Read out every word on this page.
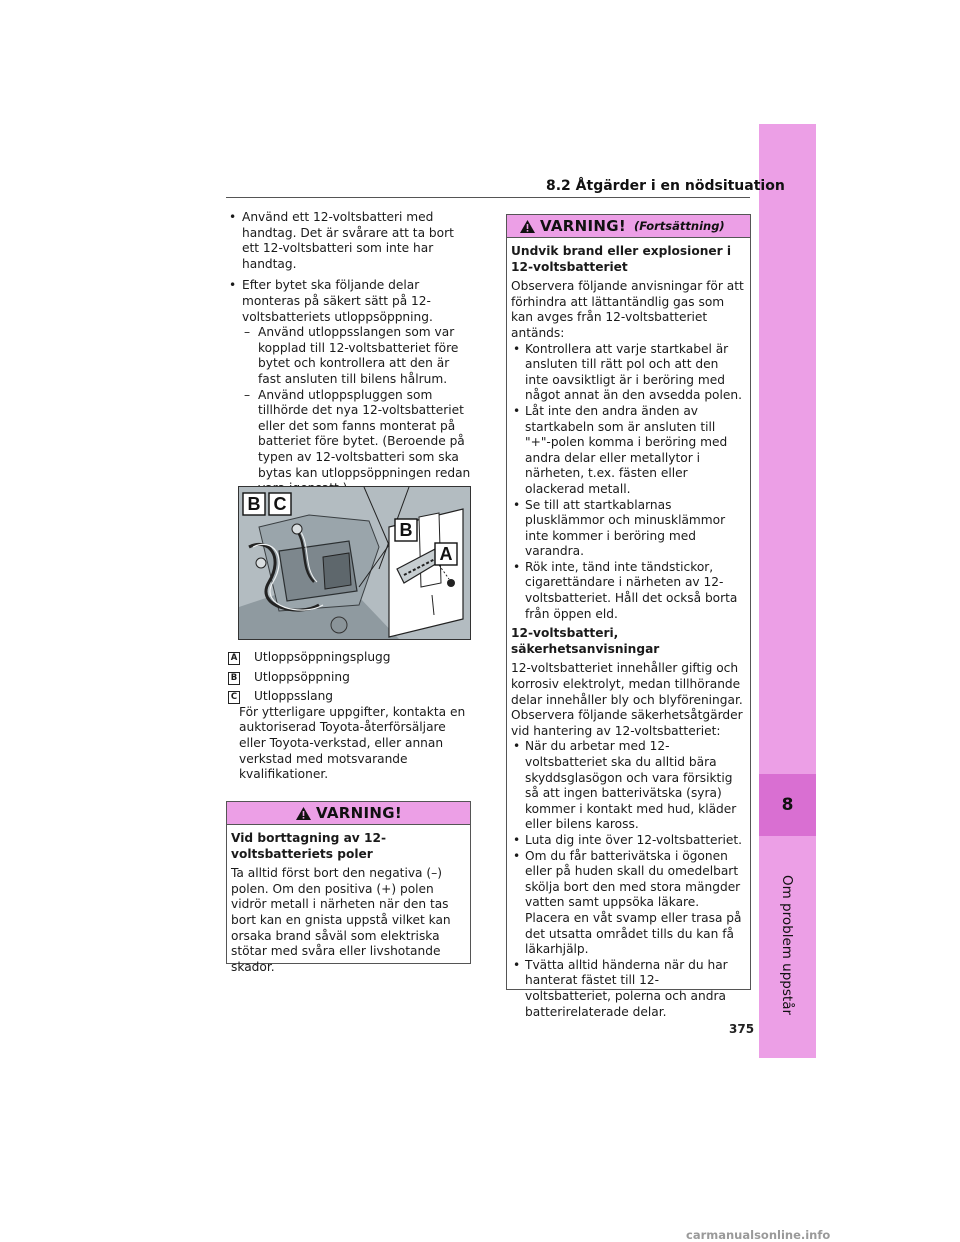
8
Om problem uppstår
8.2 Åtgärder i en nödsituation
• Använd ett 12-voltsbatteri med handtag. Det är svårare att ta bort ett 12-voltsbatteri som inte har handtag.
• Efter bytet ska följande delar monteras på säkert sätt på 12-voltsbatteriets utloppsöppning.
– Använd utloppsslangen som var kopplad till 12-voltsbatteriet före bytet och kontrollera att den är fast ansluten till bilens hålrum.
– Använd utloppspluggen som tillhörde det nya 12-voltsbatteriet eller det som fanns monterat på batteriet före bytet. (Beroende på typen av 12-voltsbatteri som ska bytas kan utloppsöppningen redan
B C
B
A
A Utloppsöppningsplugg
B Utloppsöppning
C Utloppsslang
För ytterligare uppgifter, kontakta en auktoriserad Toyota-återförsäljare eller Toyota-verkstad, eller annan verkstad med motsvarande kvalifikationer.
VARNING!
Vid borttagning av 12-voltsbatteriets poler

Ta alltid först bort den negativa (–) polen. Om den positiva (+) polen vidrör metall i närheten när den tas bort kan en gnista uppstå vilket kan orsaka brand såväl som elektriska stötar med svåra eller livshotande skador.

VARNING! (Fortsättning)
Undvik brand eller explosioner i 12-voltsbatteriet

Observera följande anvisningar för att förhindra att lättantändlig gas som kan avges från 12-voltsbatteriet antänds:

• Kontrollera att varje startkabel är ansluten till rätt pol och att den inte oavsiktligt är i beröring med något annat än den avsedda polen.
• Låt inte den andra änden av startkabeln som är ansluten till "+"-polen komma i beröring med andra delar eller metallytor i närheten, t.ex. fästen eller olackerad metall.
• Se till att startkablarnas plusklämmor och minusklämmor inte kommer i beröring med varandra.
• Rök inte, tänd inte tändstickor, cigarettändare i närheten av 12-voltsbatteriet. Håll det också borta från öppen eld.
12-voltsbatteri, säkerhetsanvisningar

12-voltsbatteriet innehåller giftig och korrosiv elektrolyt, medan tillhörande delar innehåller bly och blyföreningar. Observera följande säkerhetsåtgärder vid hantering av 12-voltsbatteriet:

• När du arbetar med 12-voltsbatteriet ska du alltid bära skyddsglasögon och vara försiktig så att ingen batterivätska (syra) kommer i kontakt med hud, kläder eller bilens kaross.
• Luta dig inte över 12-voltsbatteriet.
• Om du får batterivätska i ögonen eller på huden skall du omedelbart skölja bort den med stora mängder vatten samt uppsöka läkare. Placera en våt svamp eller trasa på det utsatta området tills du kan få läkarhjälp.
• Tvätta alltid händerna när du har hanterat fästet till 12-voltsbatteriet, polerna och andra batterirelaterade delar.
375
carmanualsonline.info
